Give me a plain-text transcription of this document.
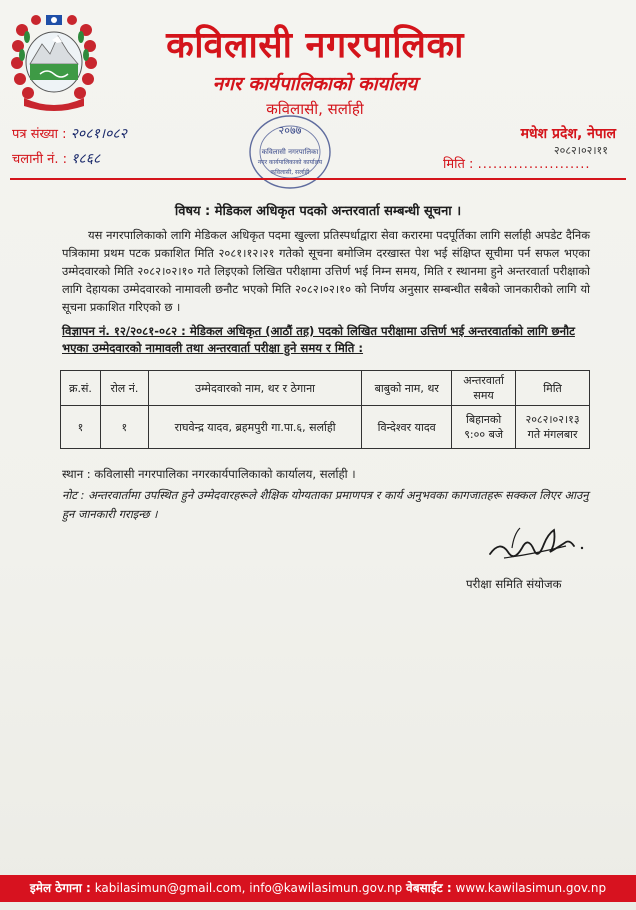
कविलासी नगरपालिका
नगर कार्यपालिकाको कार्यालय
कविलासी, सर्लाही
पत्र संख्या : २०८१।०८२
चलानी नं. : १८६८
मधेश प्रदेश, नेपाल
२०८२।०२।११
मिति : ......................
२०७७
कविलासी नगरपालिका
नगर कार्यपालिकाको कार्यालय
कविलासी, सर्लाही
विषय : मेडिकल अधिकृत पदको अन्तरवार्ता सम्बन्धी सूचना ।
यस नगरपालिकाको लागि मेडिकल अधिकृत पदमा खुल्ला प्रतिस्पर्धाद्वारा सेवा करारमा पदपूर्तिका लागि सर्लाही अपडेट दैनिक पत्रिकामा प्रथम पटक प्रकाशित मिति २०८१।१२।२१ गतेको सूचना बमोजिम दरखास्त पेश भई संक्षिप्त सूचीमा पर्न सफल भएका उम्मेदवारको मिति २०८२।०२।१० गते लिइएको लिखित परीक्षामा उत्तिर्ण भई निम्न समय, मिति र स्थानमा हुने अन्तरवार्ता परीक्षाको लागि देहायका उम्मेदवारको नामावली छनौट भएको मिति २०८२।०२।१० को निर्णय अनुसार सम्बन्धीत सबैको जानकारीको लागि यो सूचना प्रकाशित गरिएको छ ।
विज्ञापन नं. १२/२०८१-०८२ : मेडिकल अधिकृत (आठौं तह) पदको लिखित परीक्षामा उत्तिर्ण भई अन्तरवार्ताको लागि छनौट भएका उम्मेदवारको नामावली तथा अन्तरवार्ता परीक्षा हुने समय र मिति :
क्र.सं.	रोल नं.	उम्मेदवारको नाम, थर र ठेगाना	बाबुको नाम, थर	अन्तरवार्ता समय	मिति
१	१	राघवेन्द्र यादव, ब्रहमपुरी गा.पा.६, सर्लाही	विन्देश्वर यादव	बिहानको ९:०० बजे	२०८२।०२।१३ गते मंगलबार
स्थान : कविलासी नगरपालिका नगरकार्यपालिकाको कार्यालय, सर्लाही ।
नोट : अन्तरवार्तामा उपस्थित हुने उम्मेदवारहरूले शैक्षिक योग्यताका प्रमाणपत्र र कार्य अनुभवका कागजातहरू सक्कल लिएर आउनु हुन जानकारी गराइन्छ ।
परीक्षा समिति संयोजक
इमेल ठेगाना : kabilasimun@gmail.com, info@kawilasimun.gov.np वेबसाईट : www.kawilasimun.gov.np
